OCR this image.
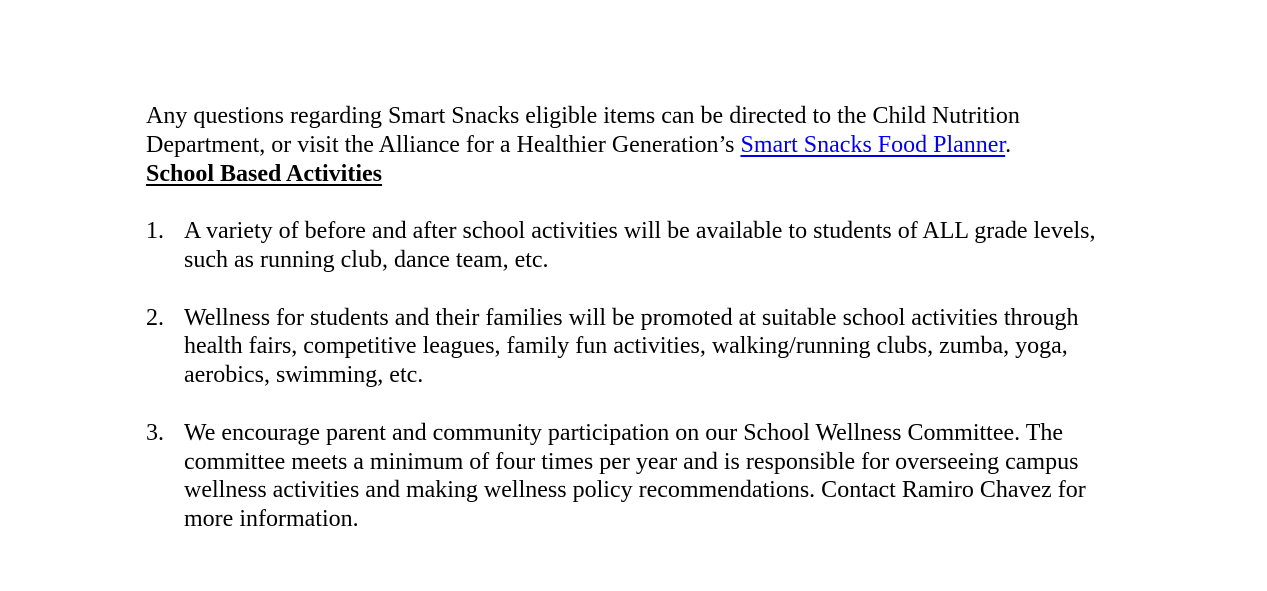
Any questions regarding Smart Snacks eligible items can be directed to the Child Nutrition Department, or visit the Alliance for a Healthier Generation’s Smart Snacks Food Planner.

School Based Activities

1. A variety of before and after school activities will be available to students of ALL grade levels, such as running club, dance team, etc.
2. Wellness for students and their families will be promoted at suitable school activities through health fairs, competitive leagues, family fun activities, walking/running clubs, zumba, yoga, aerobics, swimming, etc.
3. We encourage parent and community participation on our School Wellness Committee. The committee meets a minimum of four times per year and is responsible for overseeing campus wellness activities and making wellness policy recommendations. Contact Ramiro Chavez for more information.
